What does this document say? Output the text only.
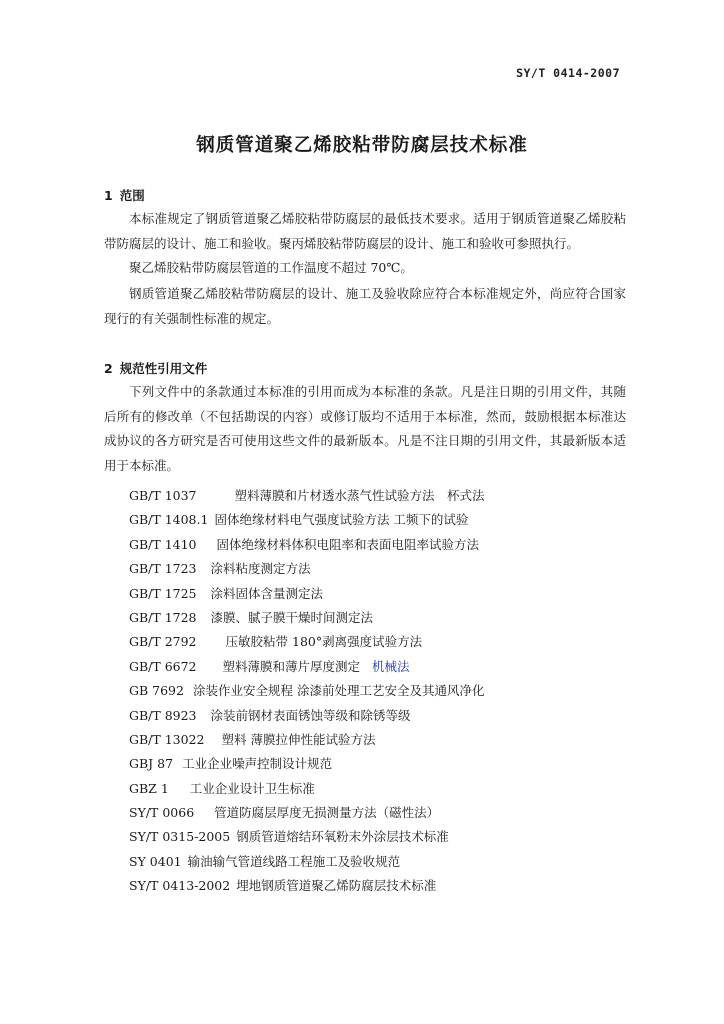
SY/T 0414-2007
钢质管道聚乙烯胶粘带防腐层技术标准
1 范围
本标准规定了钢质管道聚乙烯胶粘带防腐层的最低技术要求。适用于钢质管道聚乙烯胶粘带防腐层的设计、施工和验收。聚丙烯胶粘带防腐层的设计、施工和验收可参照执行。
聚乙烯胶粘带防腐层管道的工作温度不超过 70℃。
钢质管道聚乙烯胶粘带防腐层的设计、施工及验收除应符合本标准规定外，尚应符合国家现行的有关强制性标准的规定。
2 规范性引用文件
下列文件中的条款通过本标准的引用而成为本标准的条款。凡是注日期的引用文件，其随后所有的修改单（不包括勘误的内容）或修订版均不适用于本标准，然而，鼓励根据本标准达成协议的各方研究是否可使用这些文件的最新版本。凡是不注日期的引用文件，其最新版本适用于本标准。
GB/T 1037	塑料薄膜和片材透水蒸气性试验方法　杯式法
GB/T 1408.1 固体绝缘材料电气强度试验方法 工频下的试验
GB/T 1410 固体绝缘材料体积电阻率和表面电阻率试验方法
GB/T 1723 涂料粘度测定方法
GB/T 1725 涂料固体含量测定法
GB/T 1728 漆膜、腻子膜干燥时间测定法
GB/T 2792 压敏胶粘带 180°剥离强度试验方法
GB/T 6672 塑料薄膜和薄片厚度测定 机械法
GB 7692 涂装作业安全规程 涂漆前处理工艺安全及其通风净化
GB/T 8923 涂装前钢材表面锈蚀等级和除锈等级
GB/T 13022 塑料 薄膜拉伸性能试验方法
GBJ 87 工业企业噪声控制设计规范
GBZ 1 工业企业设计卫生标准
SY/T 0066 管道防腐层厚度无损测量方法（磁性法）
SY/T 0315-2005 钢质管道熔结环氧粉末外涂层技术标准
SY 0401 输油输气管道线路工程施工及验收规范
SY/T 0413-2002 埋地钢质管道聚乙烯防腐层技术标准
